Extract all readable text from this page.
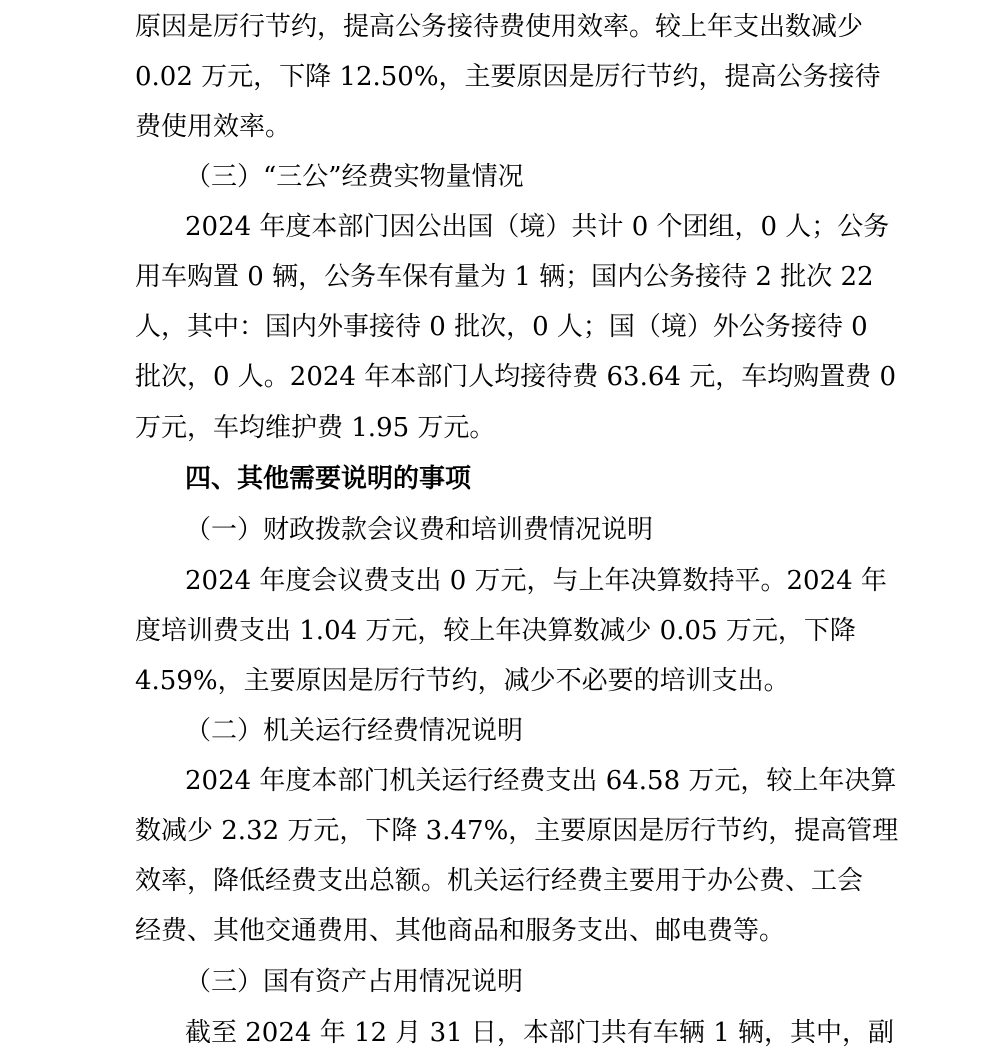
原因是厉行节约，提高公务接待费使用效率。较上年支出数减少
0.02 万元，下降 12.50%，主要原因是厉行节约，提高公务接待
费使用效率。
（三）“三公”经费实物量情况
2024 年度本部门因公出国（境）共计 0 个团组，0 人；公务
用车购置 0 辆，公务车保有量为 1 辆；国内公务接待 2 批次 22
人，其中：国内外事接待 0 批次，0 人；国（境）外公务接待 0
批次，0 人。2024 年本部门人均接待费 63.64 元，车均购置费 0
万元，车均维护费 1.95 万元。
四、其他需要说明的事项
（一）财政拨款会议费和培训费情况说明
2024 年度会议费支出 0 万元，与上年决算数持平。2024 年
度培训费支出 1.04 万元，较上年决算数减少 0.05 万元，下降
4.59%，主要原因是厉行节约，减少不必要的培训支出。
（二）机关运行经费情况说明
2024 年度本部门机关运行经费支出 64.58 万元，较上年决算
数减少 2.32 万元，下降 3.47%，主要原因是厉行节约，提高管理
效率，降低经费支出总额。机关运行经费主要用于办公费、工会
经费、其他交通费用、其他商品和服务支出、邮电费等。
（三）国有资产占用情况说明
截至 2024 年 12 月 31 日，本部门共有车辆 1 辆，其中，副
